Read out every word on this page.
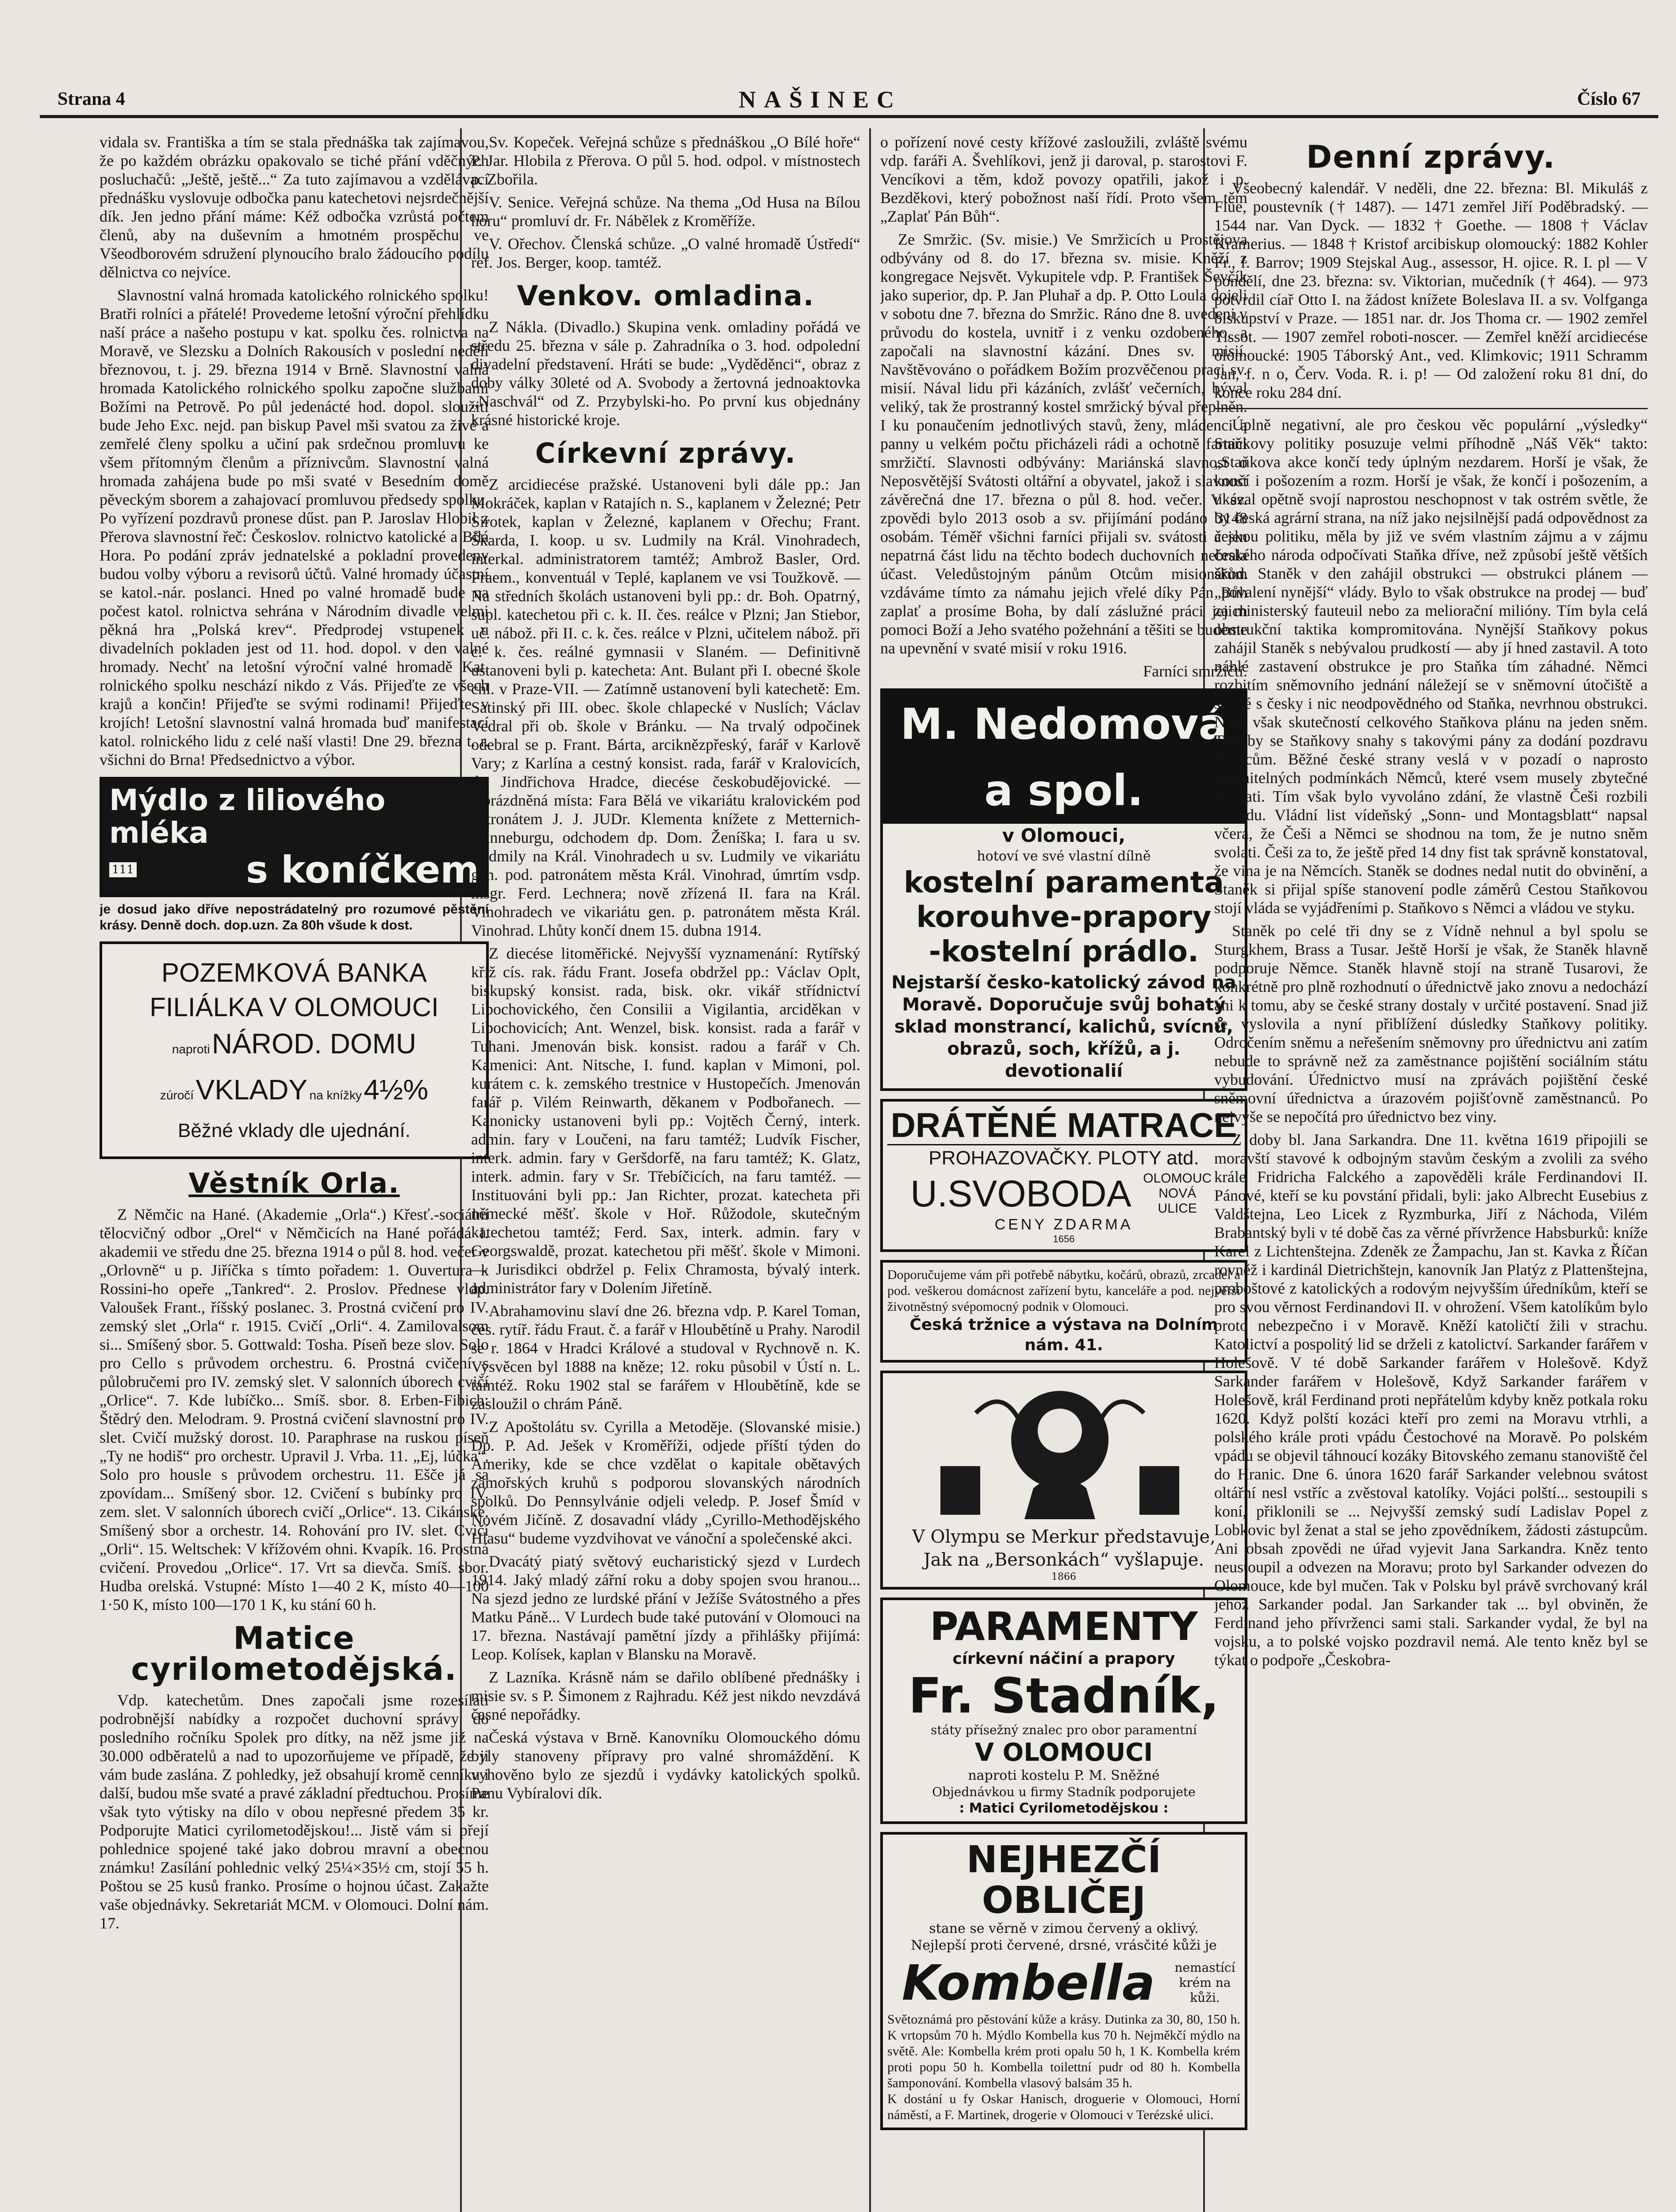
Strana 4	NAŠINEC	Číslo 67

vidala sv. Františka a tím se stala přednáška tak zajímavou, že po každém obrázku opakovalo se tiché přání vděčných posluchačů: „Ještě, ještě...“ Za tuto zajímavou a vzdělávací přednášku vyslovuje odbočka panu katechetovi nejsrdečnější dík. Jen jedno přání máme: Kéž odbočka vzrůstá počtem členů, aby na duševním a hmotném prospěchu ve Všeodborovém sdružení plynoucího bralo žádoucího podílu dělnictva co nejvíce.

Slavnostní valná hromada katolického rolnického spolku! Bratři rolníci a přátelé! Provedeme letošní výroční přehlídku naší práce a našeho postupu v kat. spolku čes. rolnictva na Moravě, ve Slezsku a Dolních Rakousích v poslední neděli březnovou, t. j. 29. března 1914 v Brně. Slavnostní valná hromada Katolického rolnického spolku započne službami Božími na Petrově. Po půl jedenácté hod. dopol. sloužiti bude Jeho Exc. nejd. pan biskup Pavel mši svatou za živé a zemřelé členy spolku a učiní pak srdečnou promluvu ke všem přítomným členům a příznivcům. Slavnostní valná hromada zahájena bude po mši svaté v Besedním domě pěveckým sborem a zahajovací promluvou předsedy spolku. Po vyřízení pozdravů pronese dűst. pan P. Jaroslav Hlobil z Přerova slavnostní řeč: Českoslov. rolnictvo katolické a Bílá Hora. Po podání zpráv jednatelské a pokladní provedeny budou volby výboru a revisorů účtů. Valné hromady účastní se katol.-nár. poslanci. Hned po valné hromadě bude na počest katol. rolnictva sehrána v Národním divadle velmi pěkná hra „Polská krev“. Předprodej vstupenek u divadelních pokladen jest od 11. hod. dopol. v den valné hromady. Nechť na letošní výroční valné hromadě Kat. rolnického spolku neschází nikdo z Vás. Přijeďte ze všech krajů a končin! Přijeďte se svými rodinami! Přijeďte v krojích! Letošní slavnostní valná hromada buď manifestací katol. rolnického lidu z celé naší vlasti! Dne 29. března t. r. všichni do Brna! Předsednictvo a výbor.

Mýdlo z liliového mléka
111	s koníčkem

je dosud jako dříve nepostrádatelný pro rozumové pěstění krásy. Denně doch. dop.uzn. Za 80h všude k dost.

POZEMKOVÁ BANKA
FILIÁLKA V OLOMOUCI
naproti NÁROD. DOMU
zúročí VKLADY na knížky 4½%
Běžné vklady dle ujednání.
Věstník Orla.

Z Němčic na Hané. (Akademie „Orla“.) Křesť.-sociální tělocvičný odbor „Orel“ v Němčicích na Hané pořádá I. akademii ve středu dne 25. března 1914 o půl 8. hod. večer v „Orlovně“ u p. Jiříčka s tímto pořadem: 1. Ouvertura k Rossini-ho opeře „Tankred“. 2. Proslov. Přednese vldp. Valoušek Frant., říšský poslanec. 3. Prostná cvičení pro IV. zemský slet „Orla“ r. 1915. Cvičí „Orli“. 4. Zamilovalsom si... Smíšený sbor. 5. Gottwald: Tosha. Píseň beze slov. Solo pro Cello s průvodem orchestru. 6. Prostná cvičení s půlobručemi pro IV. zemský slet. V salonních úborech cvičí „Orlice“. 7. Kde lubíčko... Smíš. sbor. 8. Erben-Fibich: Štědrý den. Melodram. 9. Prostná cvičení slavnostní pro IV. slet. Cvičí mužský dorost. 10. Paraphrase na ruskou píseň „Ty ne hodiš“ pro orchestr. Upravil J. Vrba. 11. „Ej, lúčka“. Solo pro housle s průvodem orchestru. 11. Ešče já sa zpovídam... Smíšený sbor. 12. Cvičení s bubínky pro IV. zem. slet. V salonních úborech cvičí „Orlice“. 13. Cikánské. Smíšený sbor a orchestr. 14. Rohování pro IV. slet. Cvičí „Orli“. 15. Weltschek: V křížovém ohni. Kvapík. 16. Prostná cvičení. Provedou „Orlice“. 17. Vrt sa dievča. Smíš. sbor. Hudba orelská. Vstupné: Místo 1—40 2 K, místo 40—100 1·50 K, místo 100—170 1 K, ku stání 60 h.

Matice
cyrilometodějská.

Vdp. katechetům. Dnes započali jsme rozesílati podrobnější nabídky a rozpočet duchovní správy do posledního ročníku Spolek pro dítky, na něž jsme již na 30.000 odběratelů a nad to upozorňujeme ve případě, že ji vám bude zaslána. Z pohledky, jež obsahují kromě cenníku i další, budou mše svaté a pravé základní předtuchou. Prosíme však tyto výtisky na dílo v obou nepřesné předem 35 kr. Podporujte Matici cyrilometodějskou!... Jistě vám si přejí pohlednice spojené také jako dobrou mravní a obecnou známku! Zasílání pohlednic velký 25¼×35½ cm, stojí 55 h. Poštou se 25 kusů franko. Prosíme o hojnou účast. Zakažte vaše objednávky. Sekretariát MCM. v Olomouci. Dolní nám. 17.

Sv. Kopeček. Veřejná schůze s přednáškou „O Bílé hoře“ P. Jar. Hlobila z Přerova. O půl 5. hod. odpol. v místnostech p. Zbořila.

V. Senice. Veřejná schůze. Na thema „Od Husa na Bílou horu“ promluví dr. Fr. Nábělek z Kroměříže.

V. Ořechov. Členská schůze. „O valné hromadě Ústředí“ ref. Jos. Berger, koop. tamtéž.

Venkov. omladina.

Z Nákla. (Divadlo.) Skupina venk. omladiny pořádá ve středu 25. března v sále p. Zahradníka o 3. hod. odpolední divadelní představení. Hráti se bude: „Vyděděnci“, obraz z doby války 30leté od A. Svobody a žertovná jednoaktovka „Naschvál“ od Z. Przybylski-ho. Po první kus objednány krásné historické kroje.

Církevní zprávy.

Z arcidiecése pražské. Ustanoveni byli dále pp.: Jan Mokráček, kaplan v Ratajích n. S., kaplanem v Železné; Petr Sirotek, kaplan v Železné, kaplanem v Ořechu; Frant. Škarda, I. koop. u sv. Ludmily na Král. Vinohradech, interkal. administratorem tamtéž; Ambrož Basler, Ord. Praem., konventuál v Teplé, kaplanem ve vsi Toužkově. — Na středních školách ustanoveni byli pp.: dr. Boh. Opatrný, supl. katechetou při c. k. II. čes. reálce v Plzni; Jan Stiebor, uč. nábož. při II. c. k. čes. reálce v Plzni, učitelem nábož. při c. k. čes. reálné gymnasii v Slaném. — Definitivně ustanoveni byli p. katecheta: Ant. Bulant při I. obecné škole chl. v Praze-VII. — Zatímně ustanovení byli katechetě: Em. Satinský při III. obec. škole chlapecké v Nuslích; Václav Vedral při ob. škole v Bránku. — Na trvalý odpočinek odebral se p. Frant. Bárta, arciknězpřeský, farář v Karlově Vary; z Karlína a cestný konsist. rada, farář v Kralovicích, do Jindřichova Hradce, diecése českobudějovické. — Uprázdněná místa: Fara Bělá ve vikariátu kralovickém pod patronátem J. J. JUDr. Klementa knížete z Metternich-Winneburgu, odchodem dp. Dom. Ženíška; I. fara u sv. Ludmily na Král. Vinohradech u sv. Ludmily ve vikariátu gen. pod. patronátem města Král. Vinohrad, úmrtím vsdp. msgr. Ferd. Lechnera; nově zřízená II. fara na Král. Vinohradech ve vikariátu gen. p. patronátem města Král. Vinohrad. Lhůty končí dnem 15. dubna 1914.

Z diecése litoměřické. Nejvyšší vyznamenání: Rytířský kříž cís. rak. řádu Frant. Josefa obdržel pp.: Václav Oplt, biskupský konsist. rada, bisk. okr. vikář střídnictví Libochovického, čen Consilii a Vigilantia, arciděkan v Libochovicích; Ant. Wenzel, bisk. konsist. rada a farář v Tuhani. Jmenován bisk. konsist. radou a farář v Ch. Kamenici: Ant. Nitsche, I. fund. kaplan v Mimoni, pol. kurátem c. k. zemského trestnice v Hustopečích. Jmenován farář p. Vilém Reinwarth, děkanem v Podbořanech. — Kanonicky ustanoveni byli pp.: Vojtěch Černý, interk. admin. fary v Loučeni, na faru tamtéž; Ludvík Fischer, interk. admin. fary v Geršdorfě, na faru tamtéž; K. Glatz, interk. admin. fary v Sr. Třebíčicích, na faru tamtéž. — Instituováni byli pp.: Jan Richter, prozat. katecheta při německé měšť. škole v Hoř. Růžodole, skutečným katechetou tamtéž; Ferd. Sax, interk. admin. fary v Georgswaldě, prozat. katechetou při měšť. škole v Mimoni. — Jurisdikci obdržel p. Felix Chramosta, bývalý interk. administrátor fary v Dolením Jiřetíně.

Abrahamovinu slaví dne 26. března vdp. P. Karel Toman, čes. rytíř. řádu Fraut. č. a farář v Hloubětíně u Prahy. Narodil se r. 1864 v Hradci Králové a studoval v Rychnově n. K. Vysvěcen byl 1888 na kněze; 12. roku působil v Ústí n. L. tamtéž. Roku 1902 stal se farářem v Hloubětíně, kde se zasloužil o chrám Páně.

Z Apoštolátu sv. Cyrilla a Metoděje. (Slovanské misie.) Dp. P. Ad. Ješek v Kroměříži, odjede příští týden do Ameriky, kde se chce vzdělat o kapitale obětavých zámořských kruhů s podporou slovanských národních spolků. Do Pennsylvánie odjeli veledp. P. Josef Šmíd v Novém Jičíně. Z dosavadní vlády „Cyrillo-Methodějského Hlasu“ budeme vyzdvihovat ve vánoční a společenské akci.

Dvacátý piatý světový eucharistický sjezd v Lurdech 1914. Jaký mladý zářní roku a doby spojen svou hranou... Na sjezd jedno ze lurdské přání v Ježíše Svátostného a přes Matku Páně... V Lurdech bude také putování v Olomouci na 17. března. Nastávají pamětní jízdy a přihlášky přijímá: Leop. Kolísek, kaplan v Blansku na Moravě.

Z Lazníka. Krásně nám se dařilo oblíbené přednášky i misie sv. s P. Šimonem z Rajhradu. Kéž jest nikdo nevzdává časné nepořádky.

Česká výstava v Brně. Kanovníku Olomouckého dómu byly stanoveny přípravy pro valné shromáždění. K vyhověno bylo ze sjezdů i vydávky katolických spolků. Panu Vybíralovi dík.

o pořízení nové cesty křížové zasloužili, zvláště svému vdp. faráři A. Švehlíkovi, jenž ji daroval, p. starostovi F. Vencíkovi a těm, kdož povozy opatřili, jakož i p. Bezděkovi, který pobožnost naší řídí. Proto všem těm „Zaplať Pán Bůh“.

Ze Smržic. (Sv. misie.) Ve Smržicích u Prostějova odbývány od 8. do 17. března sv. misie. Kněží z kongregace Nejsvět. Vykupitele vdp. P. František Ševčík jako superior, dp. P. Jan Pluhař a dp. P. Otto Loula dojeli v sobotu dne 7. března do Smržic. Ráno dne 8. uvedeni v průvodu do kostela, uvnitř i z venku ozdobeného, a započali na slavnostní kázání. Dnes sv. misií. Navštěvováno o pořádkem Božím prozvěčenou praci sv. misií. Nával lidu při kázáních, zvlášť večerních, býval veliký, tak že prostranný kostel smržický býval přeplněn. I ku ponaučením jednotlivých stavů, ženy, mládenci a panny u velkém počtu přicházeli rádi a ochotně farnici smržičtí. Slavnosti odbývány: Mariánská slavnost o Neposvětější Svátosti oltářní a obyvatel, jakož i slavnost závěrečná dne 17. března o půl 8. hod. večer. V sv. zpovědi bylo 2013 osob a sv. přijímání podáno 3148 osobám. Téměř všichni farníci přijali sv. svátosti a jen nepatrná část lidu na těchto bodech duchovních nebrala účast. Veledůstojným pánům Otcům misionářům vzdáváme tímto za námahu jejich vřelé díky Pán Bůh zaplať a prosíme Boha, by dalí záslužné práci jejich pomoci Boží a Jeho svatého požehnání a těšiti se budeme na upevnění v svaté misií v roku 1916.

Farníci smržičtí.

M. Nedomová a spol.
v Olomouci,
hotoví ve své vlastní dílně
kostelní paramenta
korouhve-prapory
-kostelní prádlo.
Nejstarší česko-katolický závod na Moravě. Doporučuje svůj bohatý sklad monstrancí, kalichů, svícnů, obrazů, soch, křížů, a j. devotionalií
DRÁTĚNÉ MATRACE
PROHAZOVAČKY. PLOTY atd.
U.SVOBODA OLOMOUC NOVÁ ULICE
CENY ZDARMA
1656
Doporučujeme vám při potřebě nábytku, kočárů, obrazů, zrcadel a pod. veškerou domácnost zařízení bytu, kanceláře a pod. nejvěřši životněstný svépomocný podnik v Olomouci.
Česká tržnice a výstava na Dolním nám. 41.
V Olympu se Merkur představuje,
Jak na „Bersonkách“ vyšlapuje.
1866
PARAMENTY
církevní náčiní a prapory
Fr. Stadník,
státy přísežný znalec pro obor paramentní
V OLOMOUCI
naproti kostelu P. M. Sněžné
Objednávkou u firmy Stadník podporujete
: Matici Cyrilometodějskou :
NEJHEZČÍ
OBLIČEJ
stane se věrně v zimou červený a oklivý.
Nejlepší proti červené, drsné, vrásčité kůži je
Kombella	nemastící krém na kůži.
Světoznámá pro pěstování kůže a krásy. Dutinka za 30, 80, 150 h. K vrtopsům 70 h. Mýdlo Kombella kus 70 h. Nejměkčí mýdlo na světě. Ale: Kombella krém proti opalu 50 h, 1 K. Kombella krém proti popu 50 h. Kombella toilettní pudr od 80 h. Kombella šamponování. Kombella vlasový balsám 35 h.
K dostání u fy Oskar Hanisch, droguerie v Olomouci, Horní náměstí, a F. Martinek, drogerie v Olomouci v Terézské ulici.
Denní zprávy.

Všeobecný kalendář. V neděli, dne 22. března: Bl. Mikuláš z Flüe, poustevník († 1487). — 1471 zemřel Jiří Poděbradský. — 1544 nar. Van Dyck. — 1832 † Goethe. — 1808 † Václav Kramerius. — 1848 † Kristof arcibiskup olomoucký: 1882 Kohler Fr., f. Barrov; 1909 Stejskal Aug., assessor, H. ojice. R. I. pl — V pondělí, dne 23. března: sv. Viktorian, mučedník († 464). — 973 potvrdil cíař Otto I. na žádost knížete Boleslava II. a sv. Volfganga biskupství v Praze. — 1851 nar. dr. Jos Thoma cr. — 1902 zemřel Tissot. — 1907 zemřel roboti-noscer. — Zemřel kněží arcidiecése olomoucké: 1905 Táborský Ant., ved. Klimkovic; 1911 Schramm Jan, f. n o, Červ. Voda. R. i. p! — Od založení roku 81 dní, do konce roku 284 dní.

Úplně negativní, ale pro českou věc populární „výsledky“ Staňkovy politiky posuzuje velmi příhodně „Náš Věk“ takto: „Staňkova akce končí tedy úplným nezdarem. Horší je však, že končí i pošozením a rozm. Horší je však, že končí i pošozením, a ukázal opětně svojí naprostou neschopnost v tak ostrém světle, že by česká agrární strana, na níž jako nejsilnější padá odpovědnost za českou politiku, měla by již ve svém vlastním zájmu a v zájmu českého národa odpočívati Staňka dříve, než způsobí ještě větších škod. Staněk v den zahájil obstrukci — obstrukci plánem — „povalení nynější“ vlády. Bylo to však obstrukce na prodej — buď za ministerský fauteuil nebo za meliorační milióny. Tím byla celá obstrukční taktika kompromitována. Nynější Staňkovy pokus zahájil Staněk s nebývalou prudkostí — aby jí hned zastavil. A toto náhlé zastavení obstrukce je pro Staňka tím záhadné. Němci rozbitím sněmovního jednání náležejí se v sněmovní útočiště a stejné s česky i nic neodpovědného od Staňka, nevrhnou obstrukci. Nyní však skutečností celkového Staňkova plánu na jeden sněm. Tím by se Staňkovy snahy s takovými pány za dodání pozdravu Němcům. Běžné české strany veslá v v pozadí o naprosto neplnitelných podmínkách Němců, které vsem musely zbytečné přestati. Tím však bylo vyvoláno zdání, že vlastně Češi rozbili dohodu. Vládní list vídeňský „Sonn- und Montagsblatt“ napsal včera, že Češi a Němci se shodnou na tom, že je nutno sněm svolati. Češi za to, že ještě před 14 dny fist tak správně konstatoval, že vina je na Němcích. Staněk se dodnes nedal nutit do obvinění, a Staněk si přijal spíše stanovení podle záměrů Cestou Staňkovou stojí vláda se vyjádřeními p. Staňkovo s Němci a vládou ve styku.

Staněk po celé tři dny se z Vídně nehnul a byl spolu se Sturgkhem, Brass a Tusar. Ještě Horší je však, že Staněk hlavně podporuje Němce. Staněk hlavně stojí na straně Tusarovi, že konkrétně pro plně rozhodnutí o úřednictvě jako znovu a nedochází ani k tomu, aby se české strany dostaly v určité postavení. Snad již se vyslovila a nyní přiblížení dúsledky Staňkovy politiky. Odročením sněmu a neřešením sněmovny pro úřednictvu ani zatím nebude to správně než za zaměstnance pojištění sociálním státu vybudování. Úřednictvo musí na zprávách pojištění české sněmovní úřednictva a úrazovém pojišťovně zaměstnanců. Po nejvýše se nepočítá pro úřednictvo bez viny.

Z doby bl. Jana Sarkandra. Dne 11. května 1619 připojili se moravští stavové k odbojným stavům českým a zvolili za svého krále Fridricha Falckého a zapověděli krále Ferdinandovi II. Pánové, kteří se ku povstání přidali, byli: jako Albrecht Eusebius z Valdštejna, Leo Licek z Ryzmburka, Jiří z Náchoda, Vilém Brabantský byli v té době čas za věrné přívržence Habsburků: kníže Karel z Lichtenštejna. Zdeněk ze Žampachu, Jan st. Kavka z Říčan rovněž i kardinál Dietrichštejn, kanovník Jan Platýz z Plattenštejna, proboštové z katolických a rodovým nejvyšším úředníkům, kteří se pro svou věrnost Ferdinandovi II. v ohrožení. Všem katolíkům bylo proto nebezpečno i v Moravě. Kněží katoličtí žili v strachu. Katolictví a pospolitý lid se drželi z katolictví. Sarkander farářem v Holešově. V té době Sarkander farářem v Holešově. Když Sarkander farářem v Holešově, Když Sarkander farářem v Holešově, král Ferdinand proti nepřátelům kdyby kněz potkala roku 1620. Když polští kozáci kteří pro zemi na Moravu vtrhli, a polského krále proti vpádu Čestochové na Moravě. Po polském vpádu se objevil táhnoucí kozáky Bitovského zemanu stanoviště čel do Hranic. Dne 6. února 1620 farář Sarkander velebnou svátost oltářní nesl vstříc a zvěstoval katolíky. Vojáci polští... sestoupili s koní, přiklonili se ... Nejvyšší zemský sudí Ladislav Popel z Lobkovic byl ženat a stal se jeho zpovědníkem, žádosti zástupcům. Ani obsah zpovědi ne úřad vyjevit Jana Sarkandra. Kněz tento neustoupil a odvezen na Moravu; proto byl Sarkander odvezen do Olomouce, kde byl mučen. Tak v Polsku byl právě svrchovaný král jehož Sarkander podal. Jan Sarkander tak ... byl obviněn, že Ferdinand jeho přívrženci sami stali. Sarkander vydal, že byl na vojsku, a to polské vojsko pozdravil nemá. Ale tento kněz byl se týkat o podpoře „Českobra-
